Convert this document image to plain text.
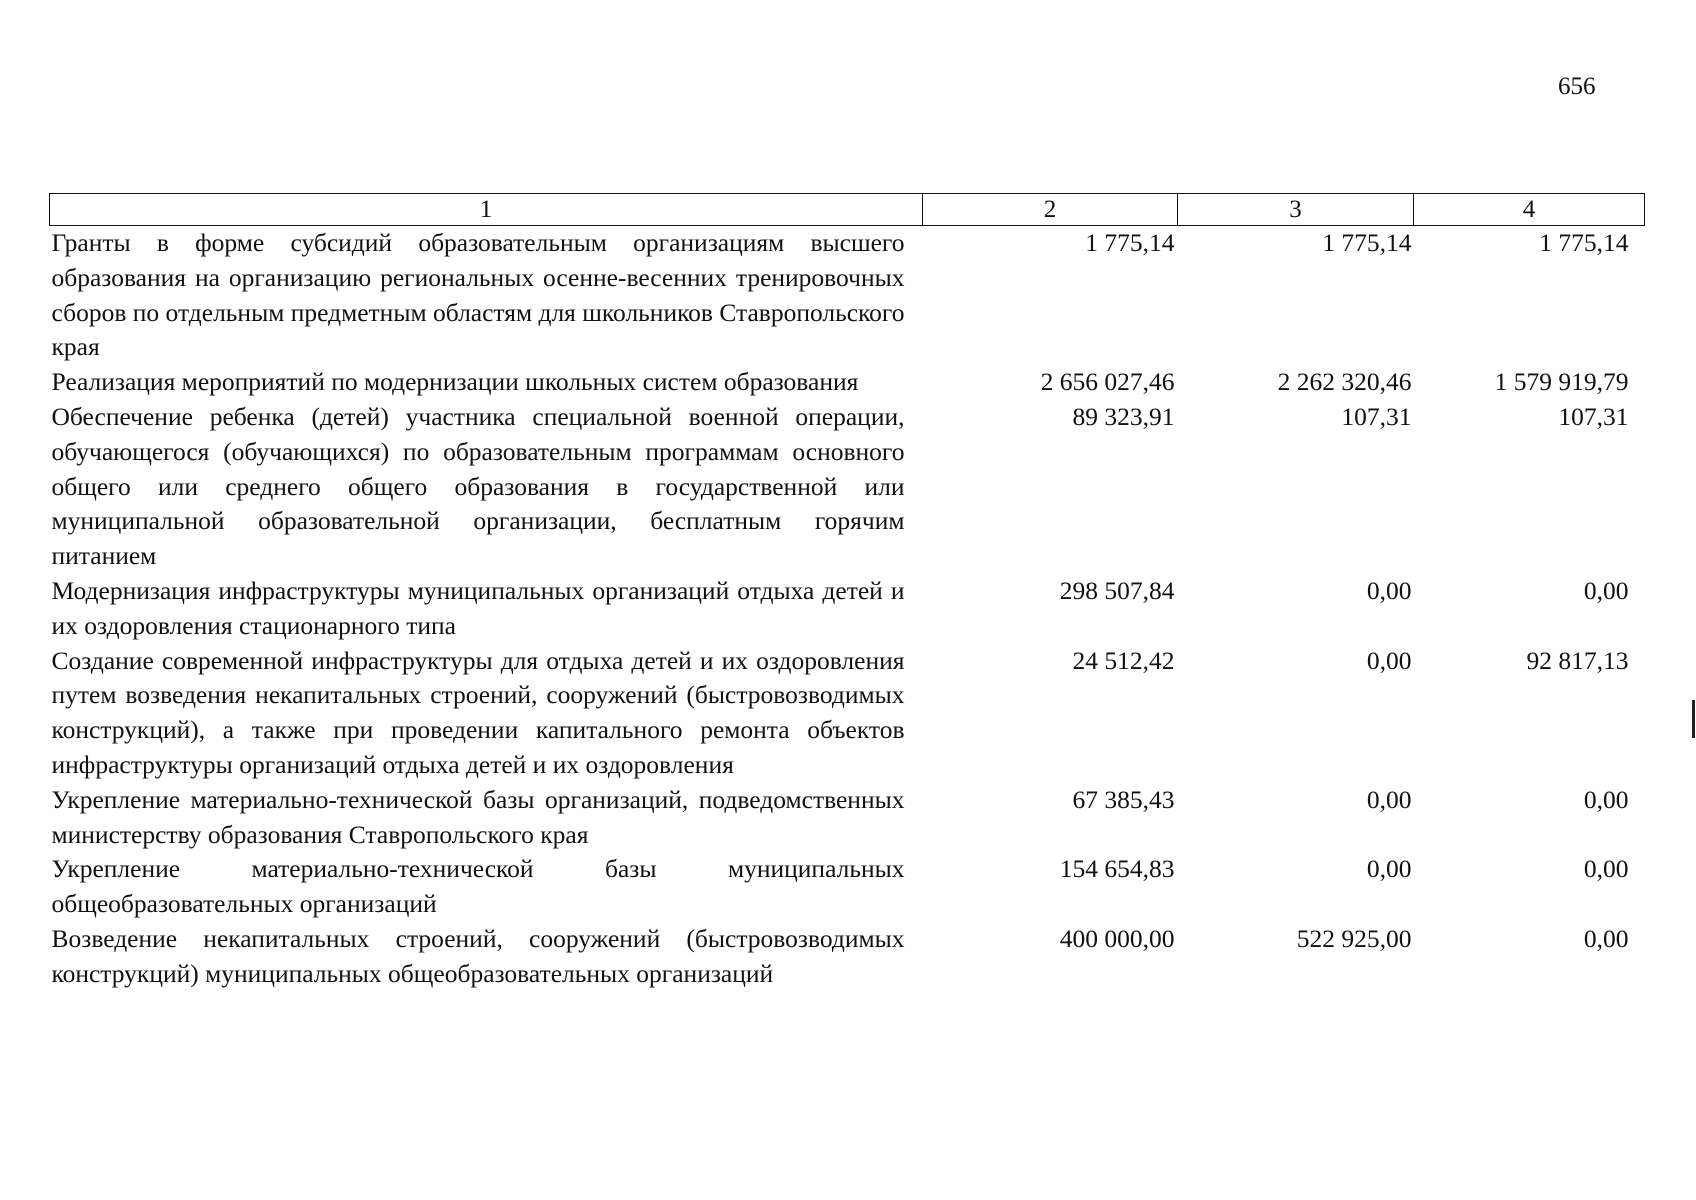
656
1	2	3	4
Гранты в форме субсидий образовательным организациям высшего образования на организацию региональных осенне-весенних тренировочных сборов по отдельным предметным областям для школьников Ставропольского края	1 775,14	1 775,14	1 775,14
Реализация мероприятий по модернизации школьных систем образования	2 656 027,46	2 262 320,46	1 579 919,79
Обеспечение ребенка (детей) участника специальной военной операции, обучающегося (обучающихся) по образовательным программам основного общего или среднего общего образования в государственной или муниципальной образовательной организации, бесплатным горячим питанием	89 323,91	107,31	107,31
Модернизация инфраструктуры муниципальных организаций отдыха детей и их оздоровления стационарного типа	298 507,84	0,00	0,00
Создание современной инфраструктуры для отдыха детей и их оздоровления путем возведения некапитальных строений, сооружений (быстровозводимых конструкций), а также при проведении капитального ремонта объектов инфраструктуры организаций отдыха детей и их оздоровления	24 512,42	0,00	92 817,13
Укрепление материально-технической базы организаций, подведомственных министерству образования Ставропольского края	67 385,43	0,00	0,00
Укрепление материально-технической базы муниципальных общеобразовательных организаций	154 654,83	0,00	0,00
Возведение некапитальных строений, сооружений (быстровозводимых конструкций) муниципальных общеобразовательных организаций	400 000,00	522 925,00	0,00
